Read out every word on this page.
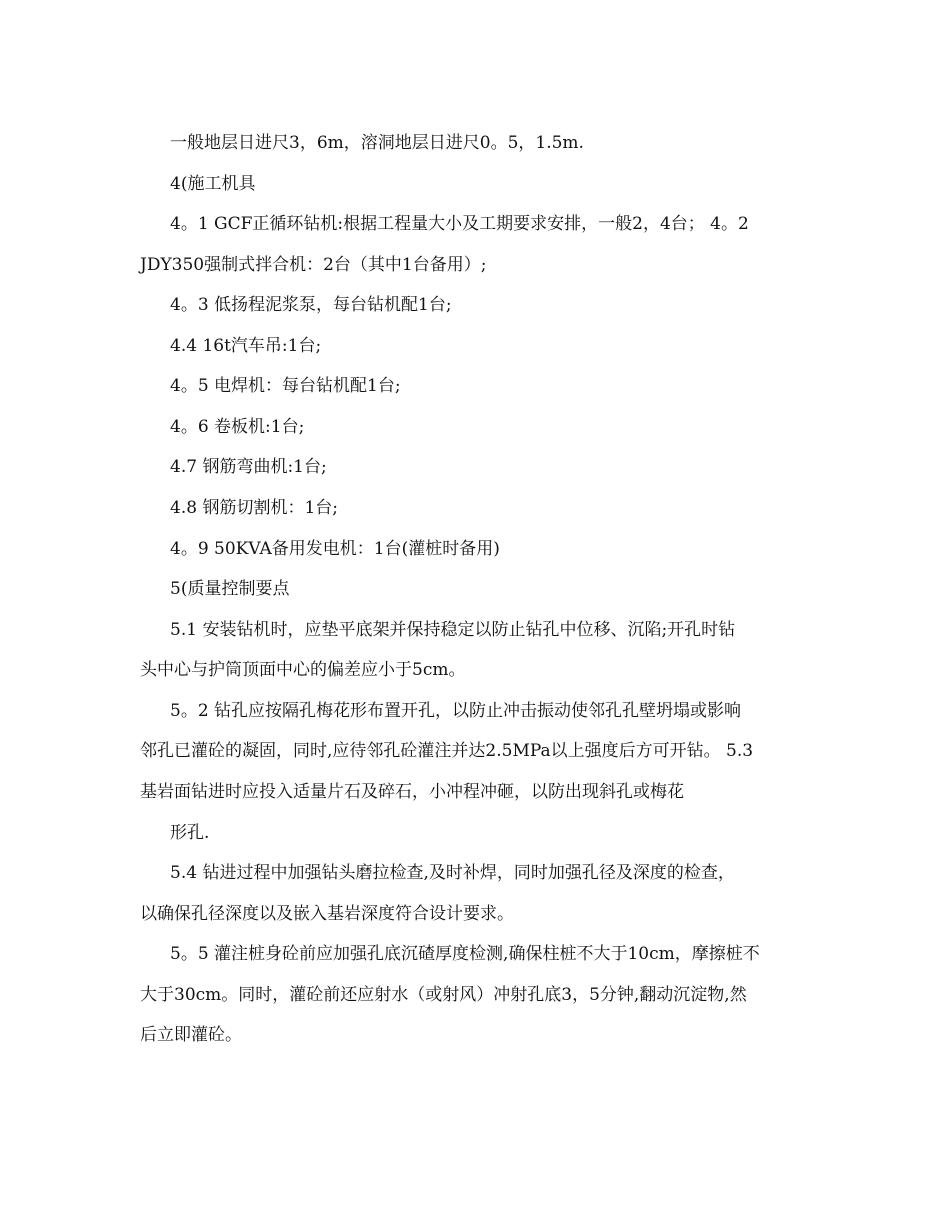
一般地层日进尺3，6m，溶洞地层日进尺0。5，1.5m.
4(施工机具
4。1 GCF正循环钻机:根据工程量大小及工期要求安排，一般2，4台； 4。2
JDY350强制式拌合机：2台（其中1台备用）;
4。3 低扬程泥浆泵，每台钻机配1台;
4.4 16t汽车吊:1台;
4。5 电焊机：每台钻机配1台;
4。6 卷板机:1台;
4.7 钢筋弯曲机:1台;
4.8 钢筋切割机：1台;
4。9 50KVA备用发电机：1台(灌桩时备用)
5(质量控制要点
5.1 安装钻机时，应垫平底架并保持稳定以防止钻孔中位移、沉陷;开孔时钻
头中心与护筒顶面中心的偏差应小于5cm。
5。2 钻孔应按隔孔梅花形布置开孔，以防止冲击振动使邻孔孔壁坍塌或影响
邻孔已灌砼的凝固，同时,应待邻孔砼灌注并达2.5MPa以上强度后方可开钻。 5.3
基岩面钻进时应投入适量片石及碎石，小冲程冲砸，以防出现斜孔或梅花
形孔.
5.4 钻进过程中加强钻头磨拉检查,及时补焊，同时加强孔径及深度的检查，
以确保孔径深度以及嵌入基岩深度符合设计要求。
5。5 灌注桩身砼前应加强孔底沉碴厚度检测,确保柱桩不大于10cm，摩擦桩不
大于30cm。同时，灌砼前还应射水（或射风）冲射孔底3，5分钟,翻动沉淀物,然
后立即灌砼。
